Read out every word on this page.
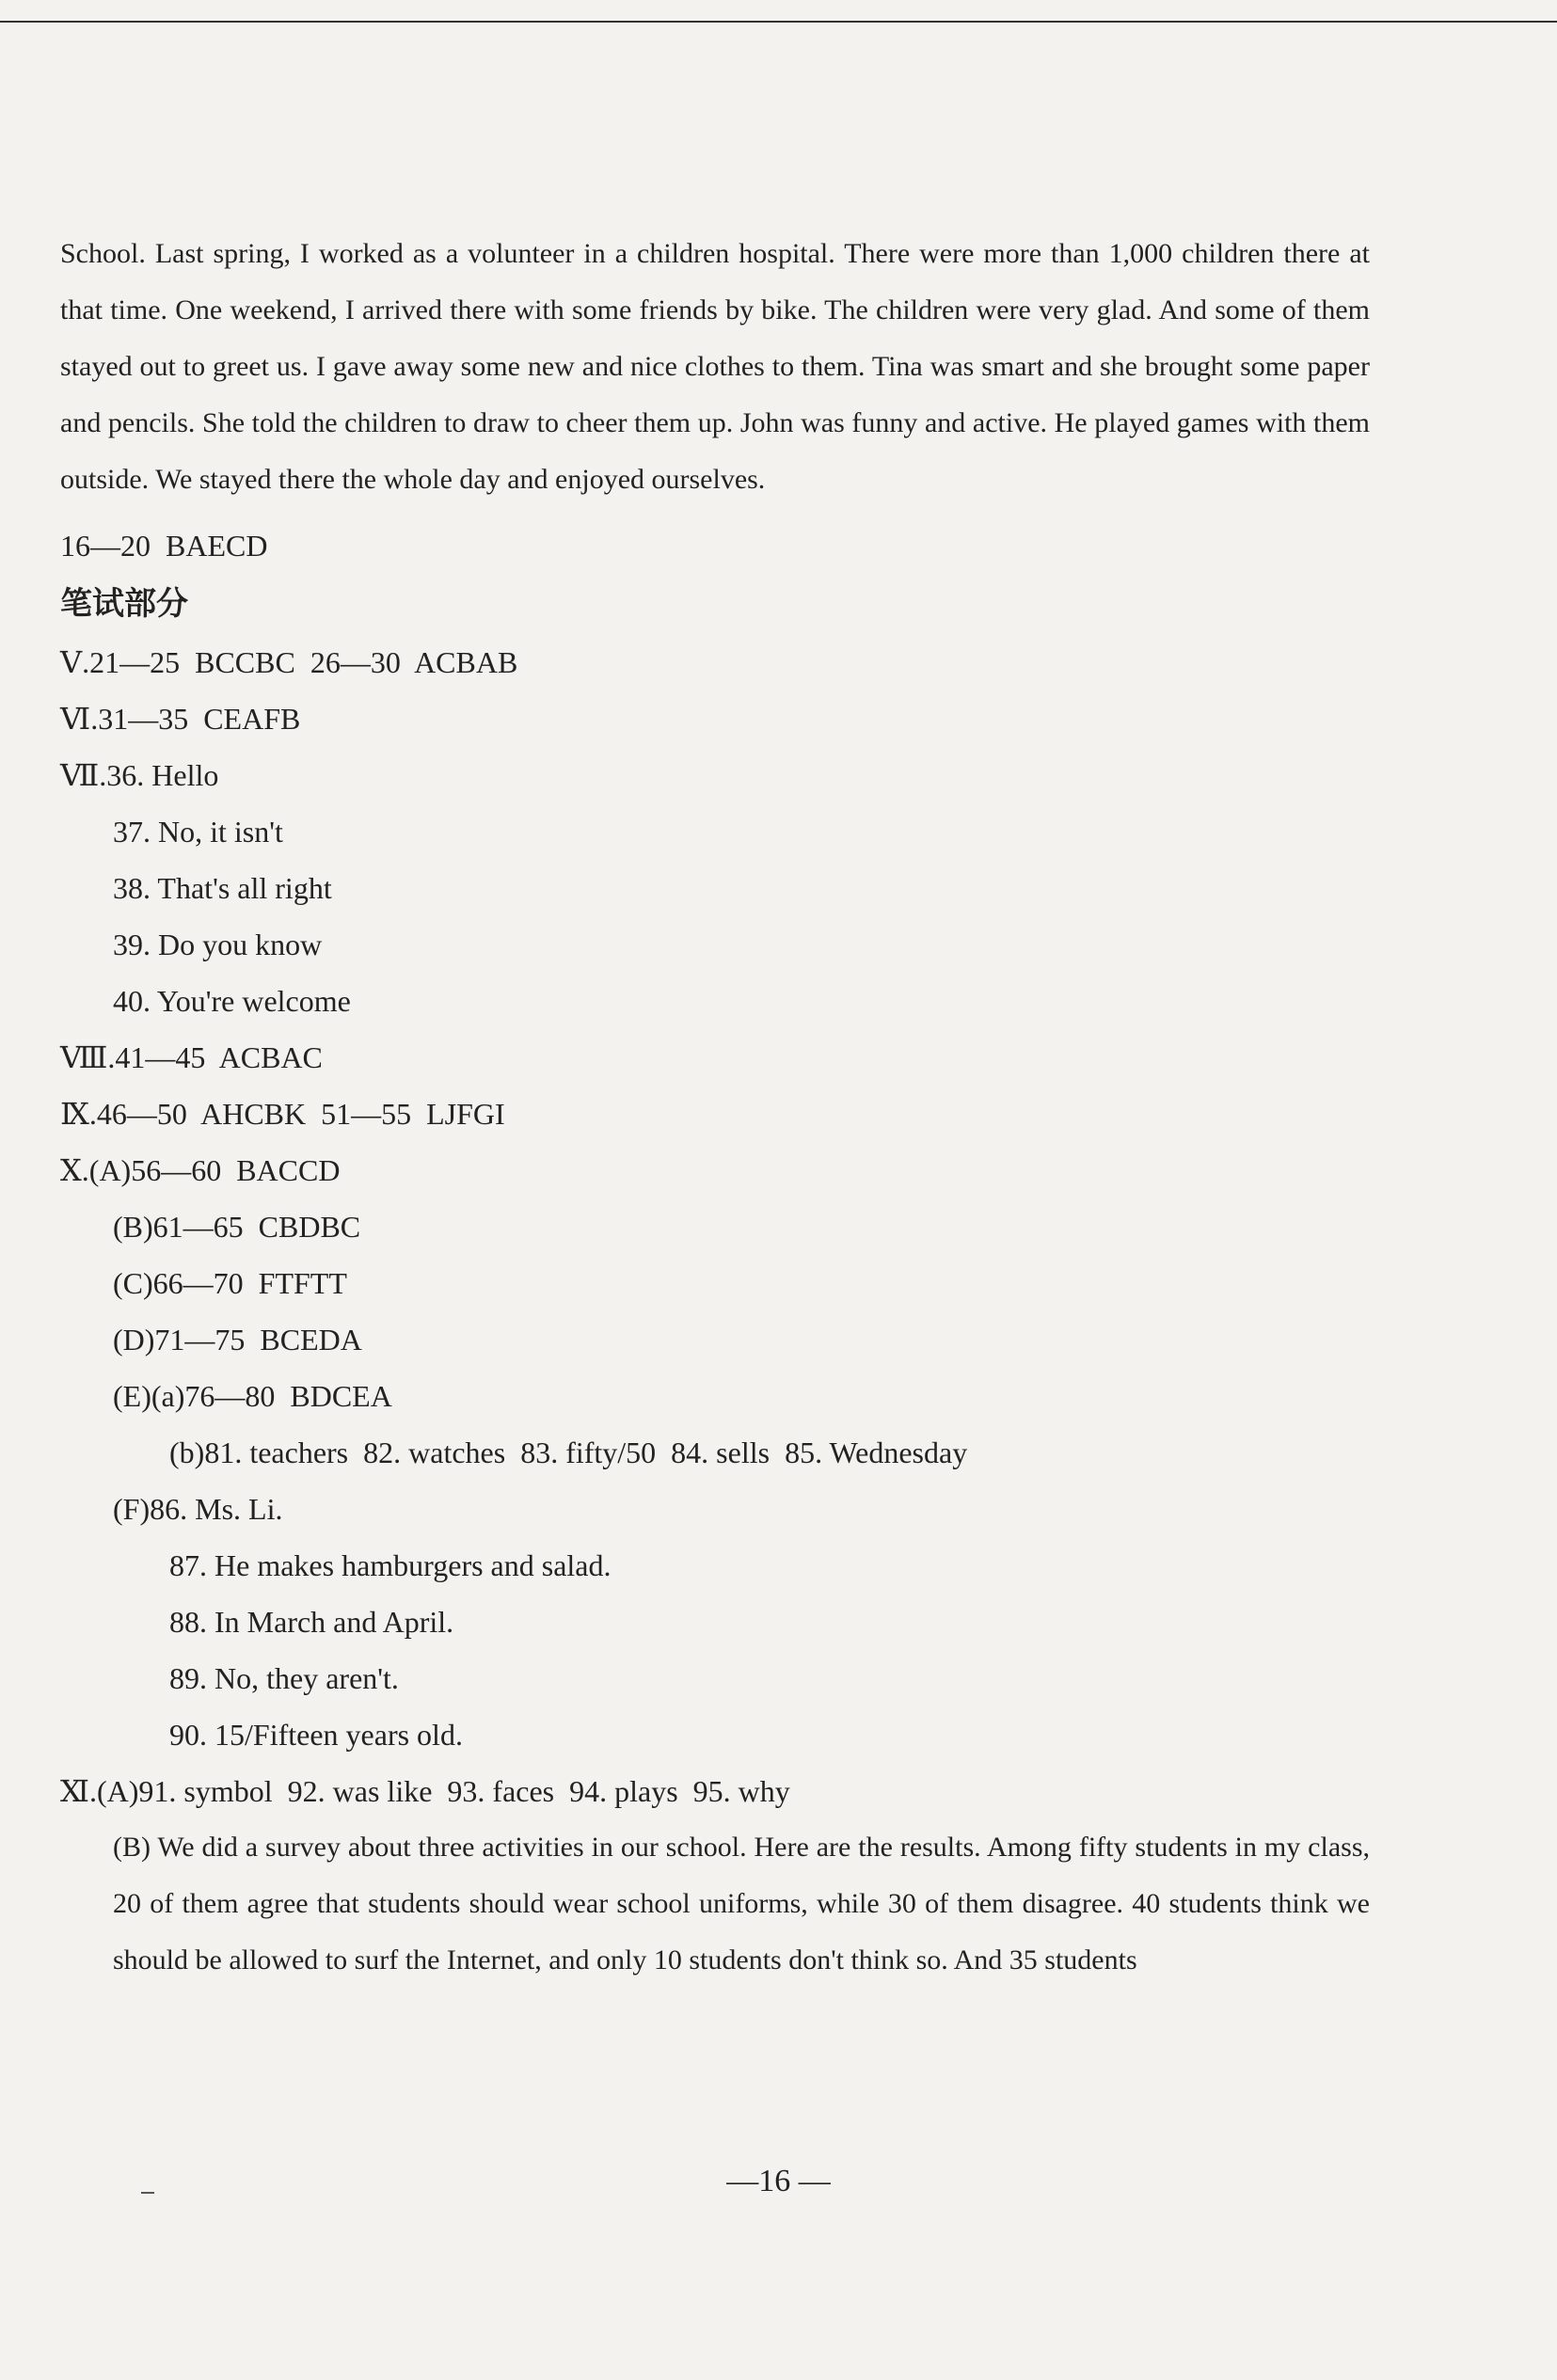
School. Last spring, I worked as a volunteer in a children hospital. There were more than 1,000 children there at that time. One weekend, I arrived there with some friends by bike. The children were very glad. And some of them stayed out to greet us. I gave away some new and nice clothes to them. Tina was smart and she brought some paper and pencils. She told the children to draw to cheer them up. John was funny and active. He played games with them outside. We stayed there the whole day and enjoyed ourselves.

16—20  BAECD
笔试部分
Ⅴ.21—25  BCCBC  26—30  ACBAB
Ⅵ.31—35  CEAFB
Ⅶ.36. Hello
37. No, it isn't
38. That's all right
39. Do you know
40. You're welcome
Ⅷ.41—45  ACBAC
Ⅸ.46—50  AHCBK  51—55  LJFGI
Ⅹ.(A)56—60  BACCD
(B)61—65  CBDBC
(C)66—70  FTFTT
(D)71—75  BCEDA
(E)(a)76—80  BDCEA
(b)81. teachers  82. watches  83. fifty/50  84. sells  85. Wednesday
(F)86. Ms. Li.
87. He makes hamburgers and salad.
88. In March and April.
89. No, they aren't.
90. 15/Fifteen years old.
Ⅺ.(A)91. symbol  92. was like  93. faces  94. plays  95. why

(B) We did a survey about three activities in our school. Here are the results. Among fifty students in my class, 20 of them agree that students should wear school uniforms, while 30 of them disagree. 40 students think we should be allowed to surf the Internet, and only 10 students don't think so. And 35 students

—16 —
